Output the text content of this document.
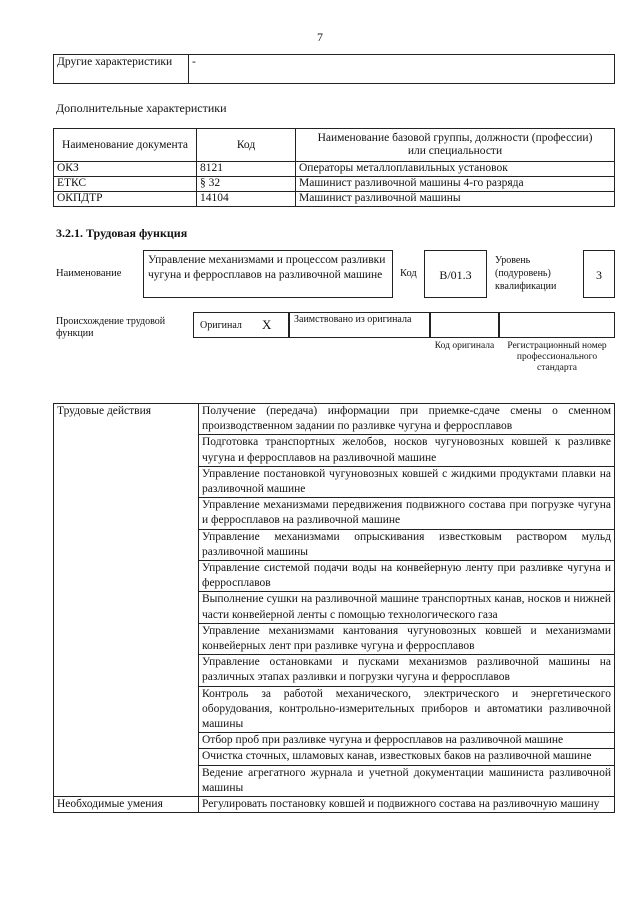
7
Другие характеристики	-
Дополнительные характеристики
Наименование документа	Код	Наименование базовой группы, должности (профессии) или специальности
ОКЗ	8121	Операторы металлоплавильных установок
ЕТКС	§ 32	Машинист разливочной машины 4-го разряда
ОКПДТР	14104	Машинист разливочной машины
3.2.1. Трудовая функция
Наименование
Управление механизмами и процессом разливки чугуна и ферросплавов на разливочной машине	Код	B/01.3
Уровень (подуровень) квалификации
3
Происхождение трудовой функции
Оригинал X	Заимствовано из оригинала
Код оригинала	Регистрационный номер профессионального стандарта
Трудовые действия	Получение (передача) информации при приемке-сдаче смены о сменном производственном задании по разливке чугуна и ферросплавов
	Подготовка транспортных желобов, носков чугуновозных ковшей к разливке чугуна и ферросплавов на разливочной машине
	Управление постановкой чугуновозных ковшей с жидкими продуктами плавки на разливочной машине
	Управление механизмами передвижения подвижного состава при погрузке чугуна и ферросплавов на разливочной машине
	Управление механизмами опрыскивания известковым раствором мульд разливочной машины
	Управление системой подачи воды на конвейерную ленту при разливке чугуна и ферросплавов
	Выполнение сушки на разливочной машине транспортных канав, носков и нижней части конвейерной ленты с помощью технологического газа
	Управление механизмами кантования чугуновозных ковшей и механизмами конвейерных лент при разливке чугуна и ферросплавов
	Управление остановками и пусками механизмов разливочной машины на различных этапах разливки и погрузки чугуна и ферросплавов
	Контроль за работой механического, электрического и энергетического оборудования, контрольно-измерительных приборов и автоматики разливочной машины
	Отбор проб при разливке чугуна и ферросплавов на разливочной машине
	Очистка сточных, шламовых канав, известковых баков на разливочной машине
	Ведение агрегатного журнала и учетной документации машиниста разливочной машины
Необходимые умения	Регулировать постановку ковшей и подвижного состава на разливочную машину
